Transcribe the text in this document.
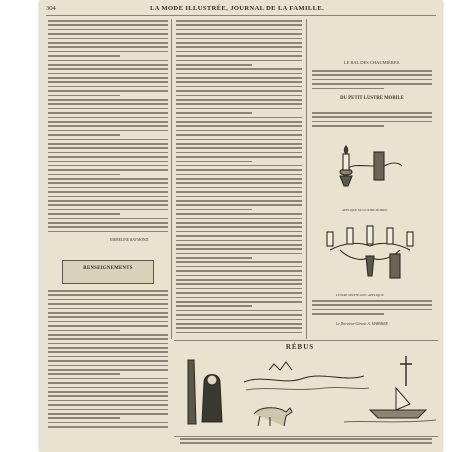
304	LA MODE ILLUSTRÉE, JOURNAL DE LA FAMILLE.
EMMELINE RAYMOND.
RENSEIGNEMENTS
LE BAL DES CHAUMIÈRES.
DU PETIT LUSTRE MOBILE
APPLIQUE DU LUSTRE MOBILE.
LUSTRE MONTÉ AVEC APPLIQUE.
Le Directeur-Gérant: A. MARMIER.
RÉBUS
